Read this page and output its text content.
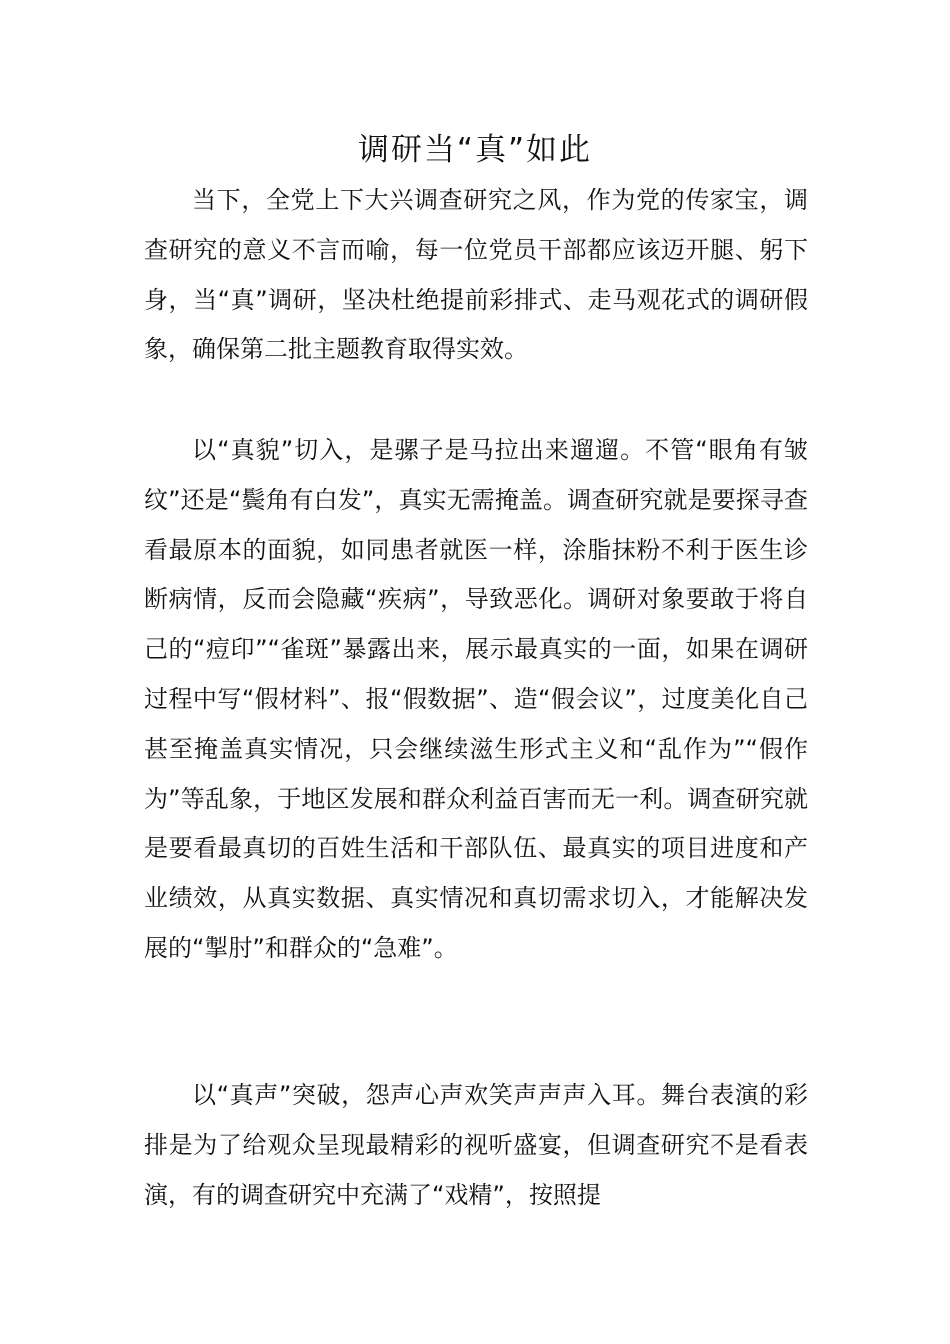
调研当“真”如此

当下，全党上下大兴调查研究之风，作为党的传家宝，调查研究的意义不言而喻，每一位党员干部都应该迈开腿、躬下身，当“真”调研，坚决杜绝提前彩排式、走马观花式的调研假象，确保第二批主题教育取得实效。

以“真貌”切入，是骡子是马拉出来遛遛。不管“眼角有皱纹”还是“鬓角有白发”，真实无需掩盖。调查研究就是要探寻查看最原本的面貌，如同患者就医一样，涂脂抹粉不利于医生诊断病情，反而会隐藏“疾病”，导致恶化。调研对象要敢于将自己的“痘印”“雀斑”暴露出来，展示最真实的一面，如果在调研过程中写“假材料”、报“假数据”、造“假会议”，过度美化自己甚至掩盖真实情况，只会继续滋生形式主义和“乱作为”“假作为”等乱象，于地区发展和群众利益百害而无一利。调查研究就是要看最真切的百姓生活和干部队伍、最真实的项目进度和产业绩效，从真实数据、真实情况和真切需求切入，才能解决发展的“掣肘”和群众的“急难”。

以“真声”突破，怨声心声欢笑声声声入耳。舞台表演的彩排是为了给观众呈现最精彩的视听盛宴，但调查研究不是看表演，有的调查研究中充满了“戏精”，按照提
